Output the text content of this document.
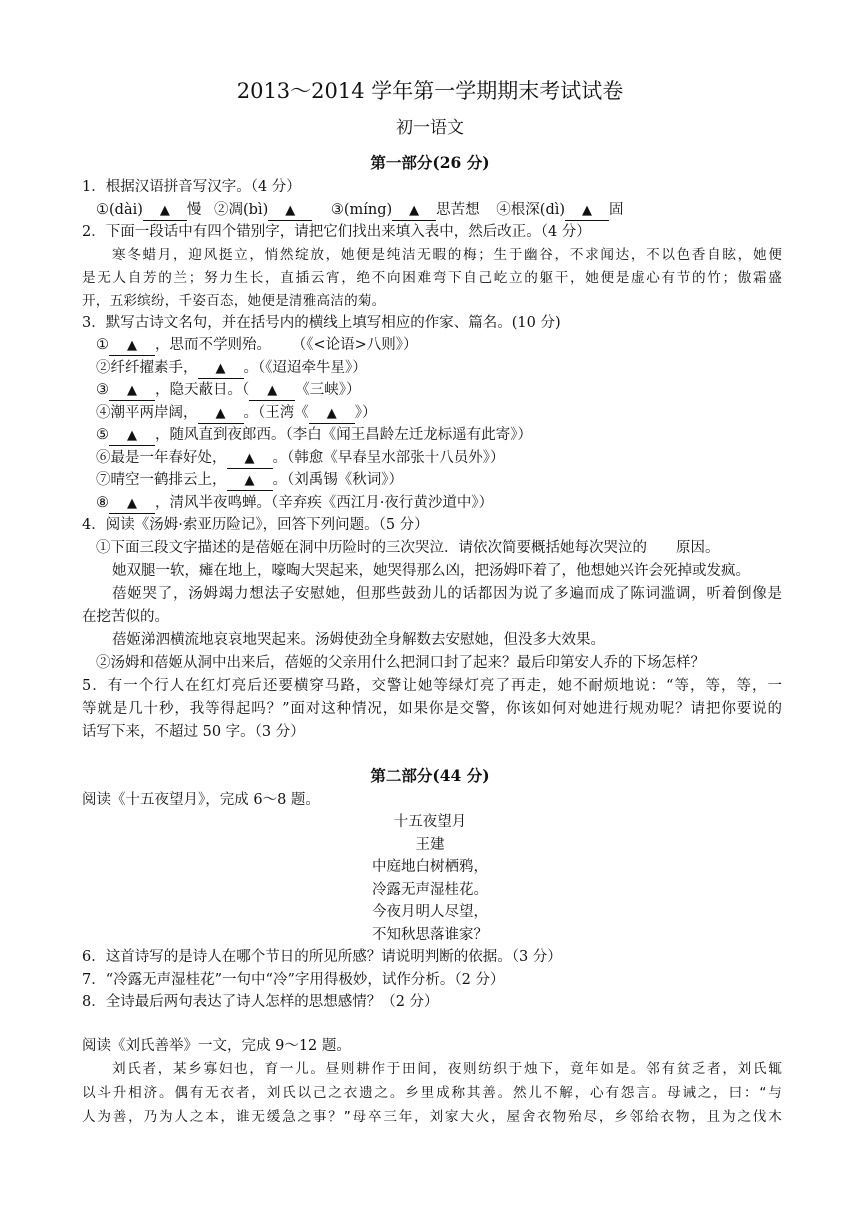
2013～2014 学年第一学期期末考试试卷
初一语文
第一部分(26 分)
1．根据汉语拼音写汉字。（4 分）
①(dài) ▲ 慢 ②凋(bì) ▲ ③(míng) ▲ 思苦想 ④根深(dì) ▲ 固
2．下面一段话中有四个错别字，请把它们找出来填入表中，然后改正。（4 分）
寒冬蜡月，迎风挺立，悄然绽放，她便是纯洁无暇的梅；生于幽谷，不求闻达，不以色香自眩，她便
是无人自芳的兰；努力生长，直插云宵，绝不向困难弯下自己屹立的躯干，她便是虚心有节的竹；傲霜盛
开，五彩缤纷，千姿百态，她便是清雅高洁的菊。
3．默写古诗文名句，并在括号内的横线上填写相应的作家、篇名。(10 分)
① ▲ ，思而不学则殆。 （《<论语>八则》）
②纤纤擢素手， ▲ 。（《迢迢牵牛星》）
③ ▲ ，隐天蔽日。（ ▲ 《三峡》）
④潮平两岸阔， ▲ 。（王湾《 ▲ 》）
⑤ ▲ ，随风直到夜郎西。（李白《闻王昌龄左迁龙标遥有此寄》）
⑥最是一年春好处， ▲ 。（韩愈《早春呈水部张十八员外》）
⑦晴空一鹤排云上， ▲ 。（刘禹锡《秋词》）
⑧ ▲ ，清风半夜鸣蝉。（辛弃疾《西江月·夜行黄沙道中》）
4．阅读《汤姆·索亚历险记》，回答下列问题。（5 分）
①下面三段文字描述的是蓓姬在洞中历险时的三次哭泣．请依次简要概括她每次哭泣的　　原因。
她双腿一软，瘫在地上，嚎啕大哭起来，她哭得那么凶，把汤姆吓着了，他想她兴许会死掉或发疯。
蓓姬哭了，汤姆竭力想法子安慰她，但那些鼓劲儿的话都因为说了多遍而成了陈词滥调，听着倒像是
在挖苦似的。
蓓姬涕泗横流地哀哀地哭起来。汤姆使劲全身解数去安慰她，但没多大效果。
②汤姆和蓓姬从洞中出来后，蓓姬的父亲用什么把洞口封了起来？最后印第安人乔的下场怎样？
5．有一个行人在红灯亮后还要横穿马路，交警让她等绿灯亮了再走，她不耐烦地说：“等，等，等，一
等就是几十秒，我等得起吗？”面对这种情况，如果你是交警，你该如何对她进行规劝呢？请把你要说的
话写下来，不超过 50 字。（3 分）
第二部分(44 分)
阅读《十五夜望月》，完成 6～8 题。
十五夜望月
王建
中庭地白树栖鸦，
冷露无声湿桂花。
今夜月明人尽望，
不知秋思落谁家？
6．这首诗写的是诗人在哪个节日的所见所感？请说明判断的依据。（3 分）
7．“冷露无声湿桂花”一句中“冷”字用得极妙，试作分析。（2 分）
8．全诗最后两句表达了诗人怎样的思想感情？（2 分）
阅读《刘氏善举》一文，完成 9～12 题。
刘氏者，某乡寡妇也，育一儿。昼则耕作于田间，夜则纺织于烛下，竟年如是。邻有贫乏者，刘氏辄
以斗升相济。偶有无衣者，刘氏以己之衣遗之。乡里成称其善。然儿不解，心有怨言。母诫之，曰：“与
人为善，乃为人之本，谁无缓急之事？”母卒三年，刘家大火，屋舍衣物殆尽，乡邻给衣物，且为之伐木
